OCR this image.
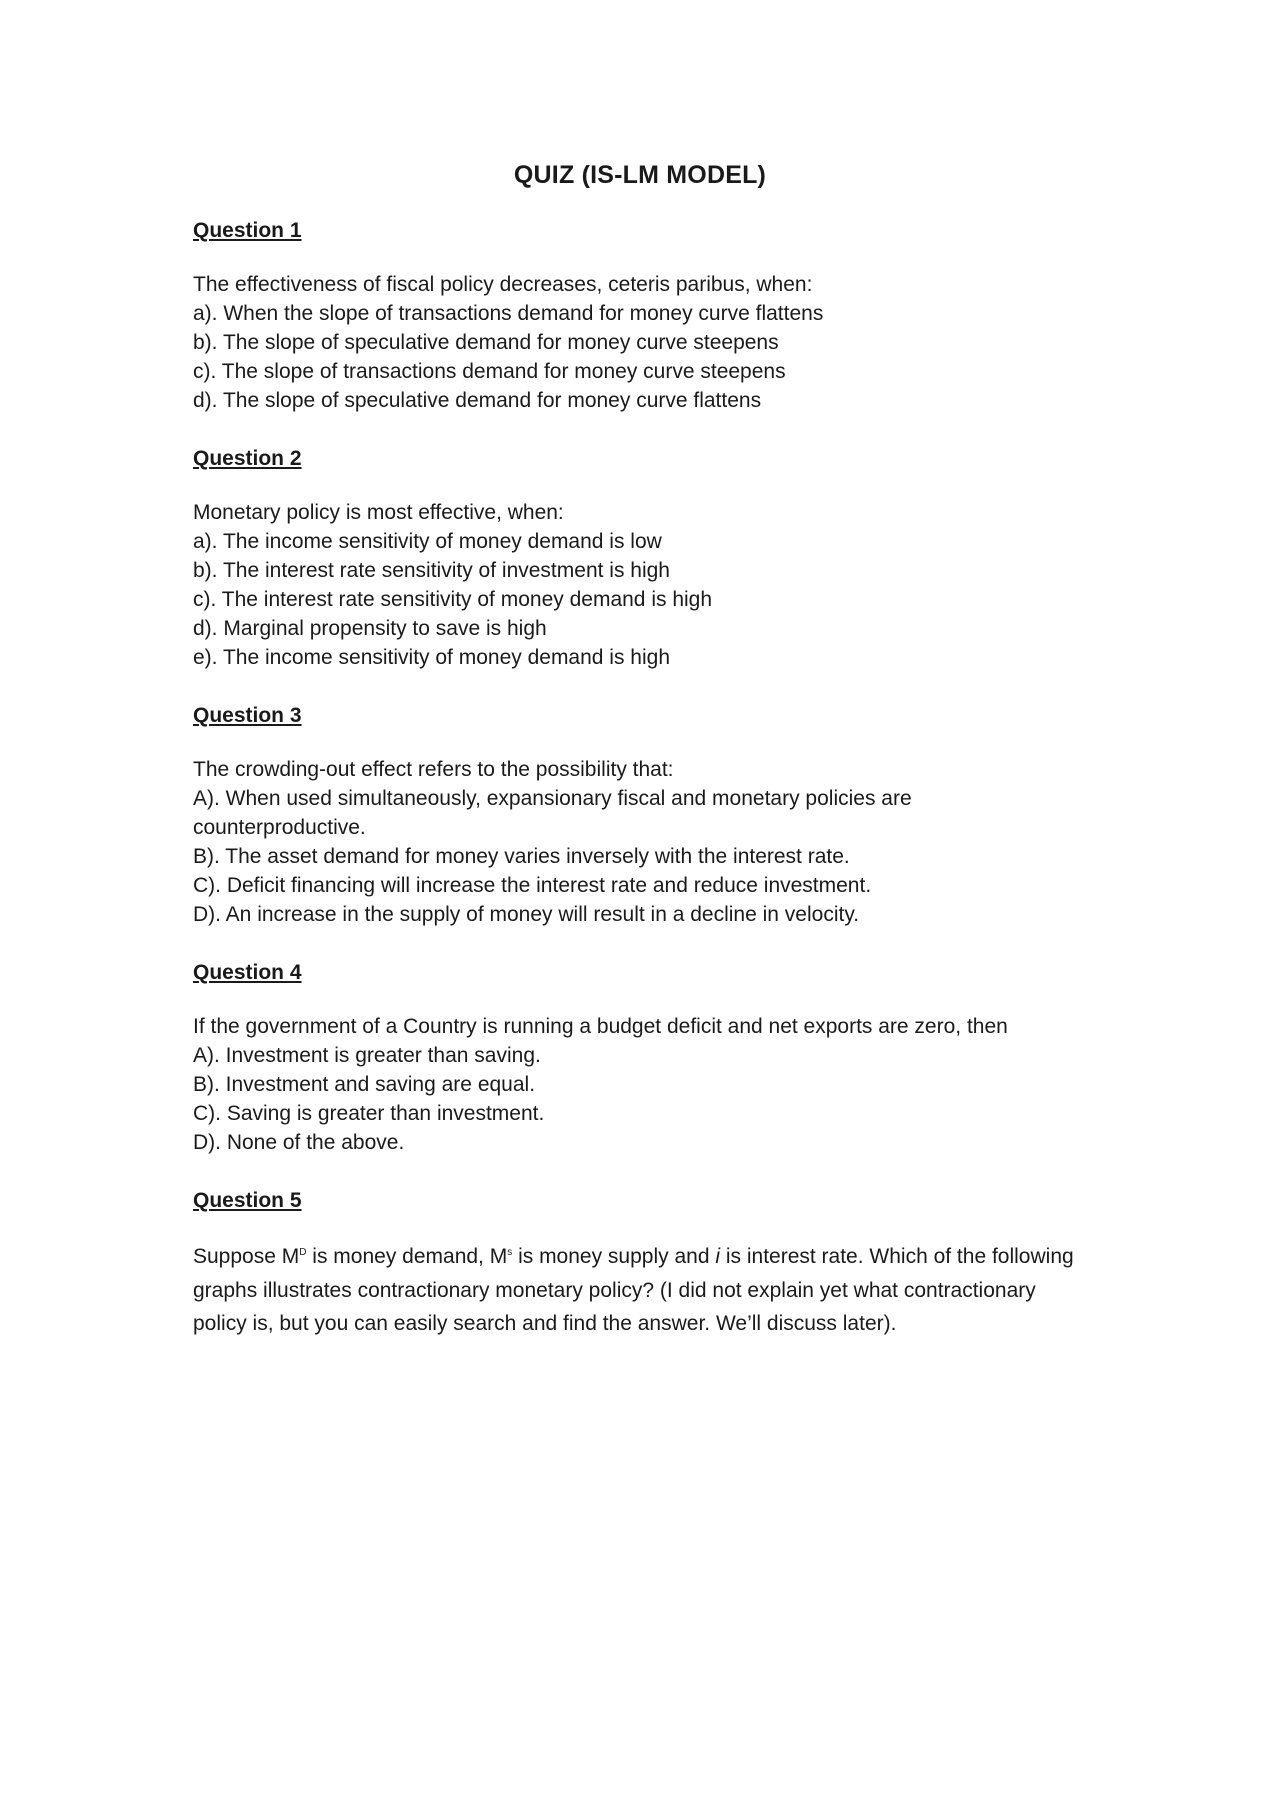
QUIZ (IS-LM MODEL)
Question 1

The effectiveness of fiscal policy decreases, ceteris paribus, when:

a). When the slope of transactions demand for money curve flattens

b). The slope of speculative demand for money curve steepens

c). The slope of transactions demand for money curve steepens

d). The slope of speculative demand for money curve flattens

Question 2

Monetary policy is most effective, when:

a). The income sensitivity of money demand is low

b). The interest rate sensitivity of investment is high

c). The interest rate sensitivity of money demand is high

d). Marginal propensity to save is high

e). The income sensitivity of money demand is high

Question 3

The crowding-out effect refers to the possibility that:

A). When used simultaneously, expansionary fiscal and monetary policies are

counterproductive.

B). The asset demand for money varies inversely with the interest rate.

C). Deficit financing will increase the interest rate and reduce investment.

D). An increase in the supply of money will result in a decline in velocity.

Question 4

If the government of a Country is running a budget deficit and net exports are zero, then

A). Investment is greater than saving.

B). Investment and saving are equal.

C). Saving is greater than investment.

D). None of the above.

Question 5

Suppose $M^D$ is money demand, $M^s$ is money supply and i is interest rate. Which of the following graphs illustrates contractionary monetary policy? (I did not explain yet what contractionary policy is, but you can easily search and find the answer. We’ll discuss later).
